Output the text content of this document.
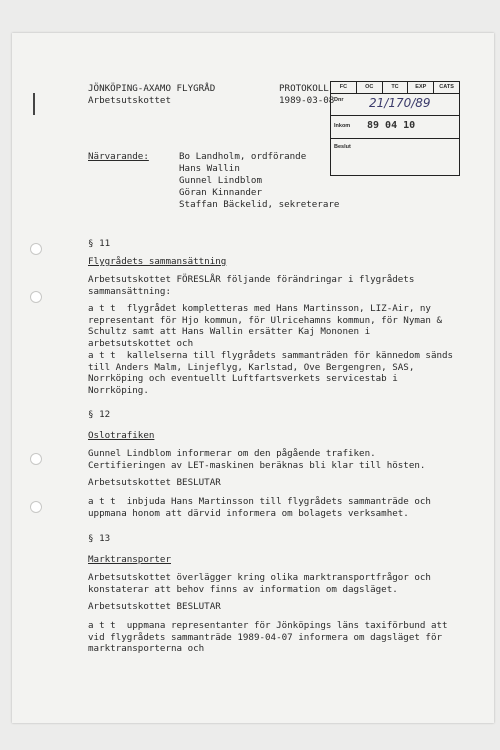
JÖNKÖPING-AXAMO FLYGRÅD
Arbetsutskottet
PROTOKOLL
1989-03-08
FC	OC	TC	EXP	CATS
Dnr 21/170/89
Inkom 89 04 10
Beslut
Närvarande:	Bo Landholm, ordförande
Hans Wallin
Gunnel Lindblom
Göran Kinnander
Staffan Bäckelid, sekreterare
§ 11
Flygrådets sammansättning
Arbetsutskottet FÖRESLÅR följande förändringar i flygrådets
sammansättning:
a t t  flygrådet kompletteras med Hans Martinsson, LIZ-Air, ny
representant för Hjo kommun, för Ulricehamns kommun, för Nyman &
Schultz samt att Hans Wallin ersätter Kaj Mononen i
arbetsutskottet och
a t t  kallelserna till flygrådets sammanträden för kännedom sänds
till Anders Malm, Linjeflyg, Karlstad, Ove Bergengren, SAS,
Norrköping och eventuellt Luftfartsverkets servicestab i
Norrköping.
§ 12
Oslotrafiken
Gunnel Lindblom informerar om den pågående trafiken.
Certifieringen av LET-maskinen beräknas bli klar till hösten.
Arbetsutskottet BESLUTAR
a t t  inbjuda Hans Martinsson till flygrådets sammanträde och
uppmana honom att därvid informera om bolagets verksamhet.
§ 13
Marktransporter
Arbetsutskottet överlägger kring olika marktransportfrågor och
konstaterar att behov finns av information om dagsläget.
Arbetsutskottet BESLUTAR
a t t  uppmana representanter för Jönköpings läns taxiförbund att
vid flygrådets sammanträde 1989-04-07 informera om dagsläget för
marktransporterna och
